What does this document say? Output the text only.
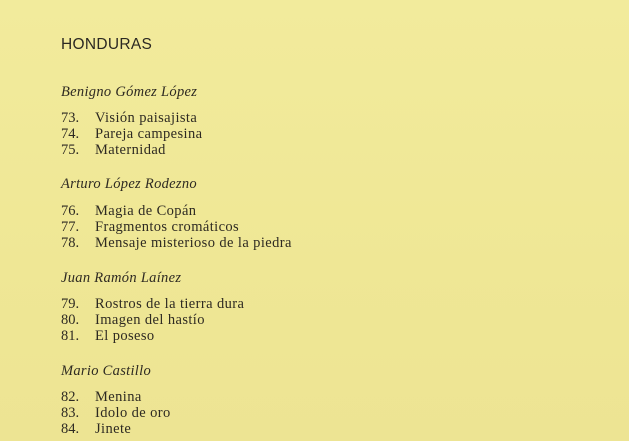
HONDURAS

Benigno Gómez López

73.	Visión paisajista
74.	Pareja campesina
75.	Maternidad

Arturo López Rodezno

76.	Magia de Copán
77.	Fragmentos cromáticos
78.	Mensaje misterioso de la piedra

Juan Ramón Laínez

79.	Rostros de la tierra dura
80.	Imagen del hastío
81.	El poseso

Mario Castillo

82.	Menina
83.	Idolo de oro
84.	Jinete
